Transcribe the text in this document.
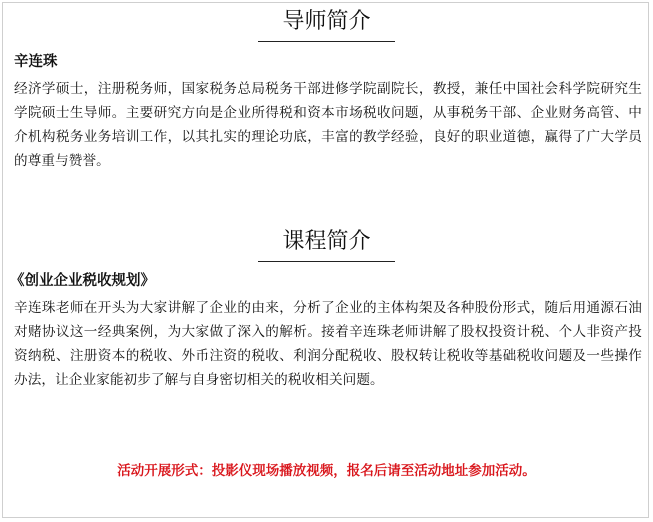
导师简介
辛连珠
经济学硕士，注册税务师，国家税务总局税务干部进修学院副院长，教授，兼任中国社会科学院研究生学院硕士生导师。主要研究方向是企业所得税和资本市场税收问题，从事税务干部、企业财务高管、中介机构税务业务培训工作，以其扎实的理论功底，丰富的教学经验，良好的职业道德，赢得了广大学员的尊重与赞誉。
课程简介
《创业企业税收规划》
辛连珠老师在开头为大家讲解了企业的由来，分析了企业的主体构架及各种股份形式，随后用通源石油对赌协议这一经典案例，为大家做了深入的解析。接着辛连珠老师讲解了股权投资计税、个人非资产投资纳税、注册资本的税收、外币注资的税收、利润分配税收、股权转让税收等基础税收问题及一些操作办法，让企业家能初步了解与自身密切相关的税收相关问题。
活动开展形式：投影仪现场播放视频，报名后请至活动地址参加活动。
